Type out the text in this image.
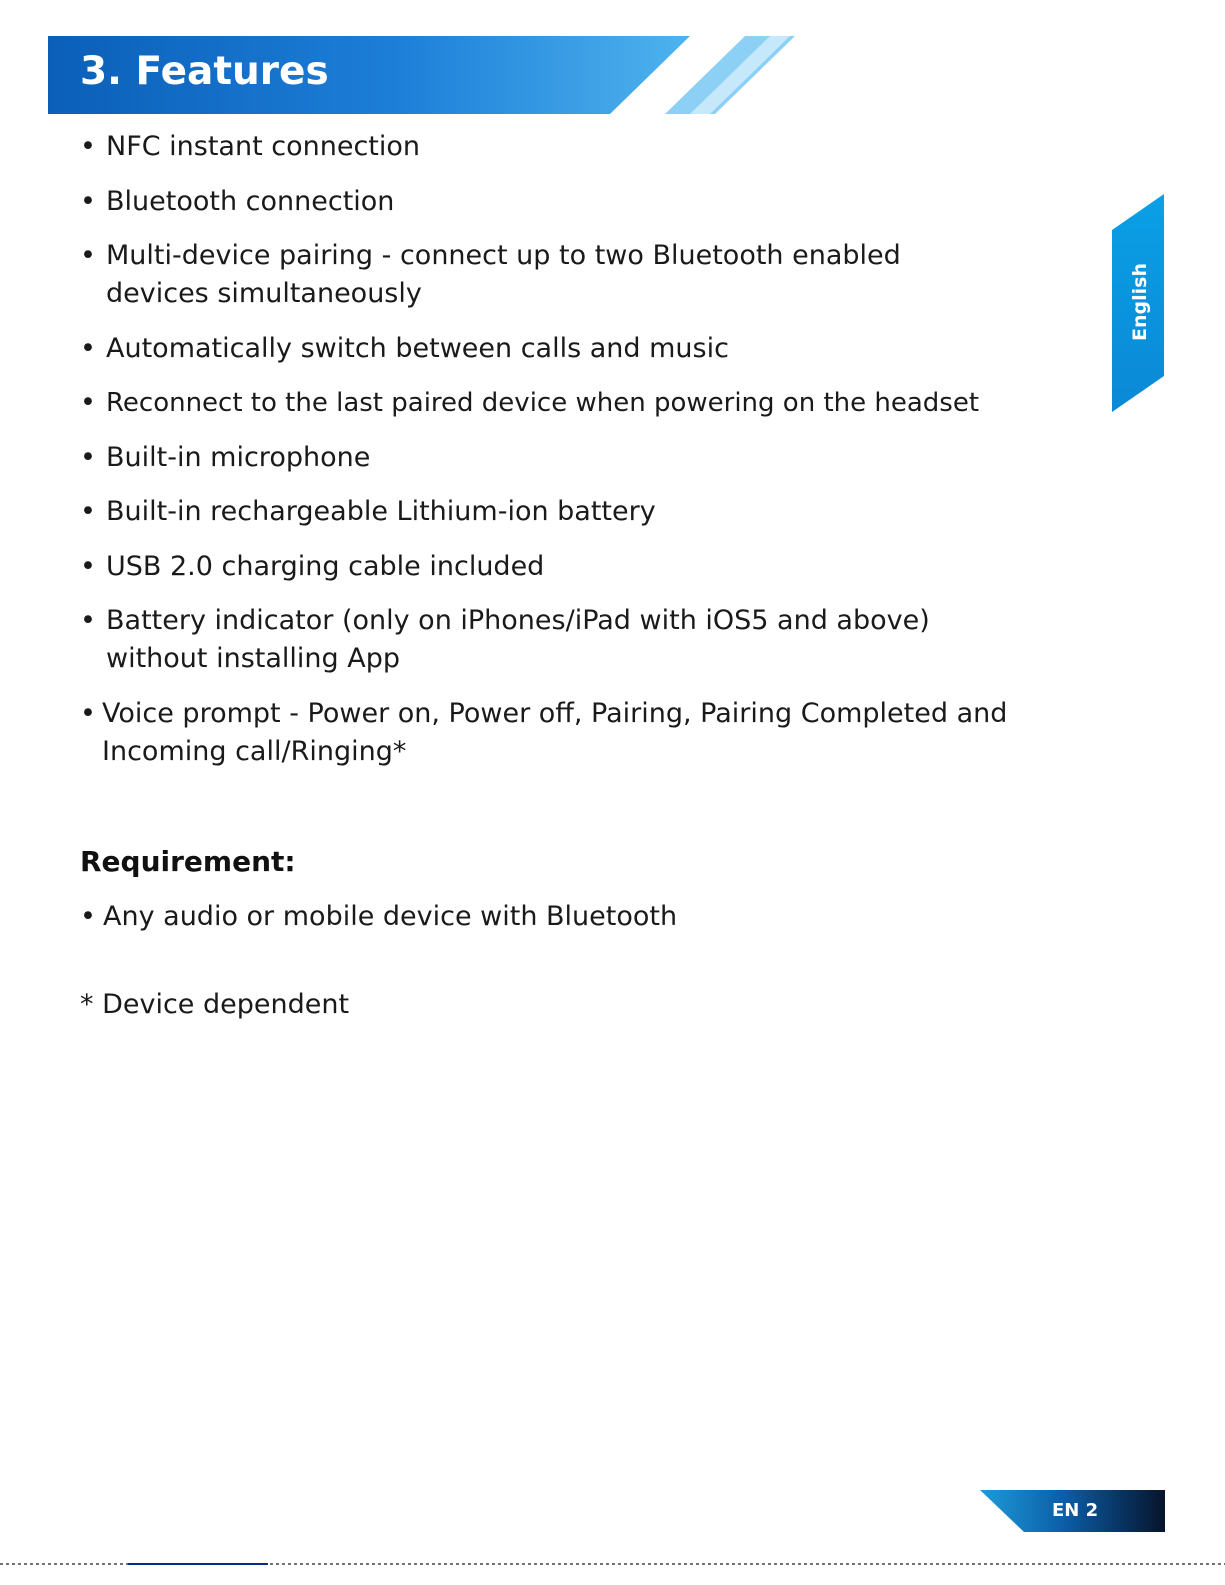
3. Features
• NFC instant connection
• Bluetooth connection
• Multi-device pairing - connect up to two Bluetooth enabled devices simultaneously
• Automatically switch between calls and music
• Reconnect to the last paired device when powering on the headset
• Built-in microphone
• Built-in rechargeable Lithium-ion battery
• USB 2.0 charging cable included
• Battery indicator (only on iPhones/iPad with iOS5 and above) without installing App
• Voice prompt - Power on, Power off, Pairing, Pairing Completed and Incoming call/Ringing*
Requirement:
• Any audio or mobile device with Bluetooth

* Device dependent

English
EN 2
